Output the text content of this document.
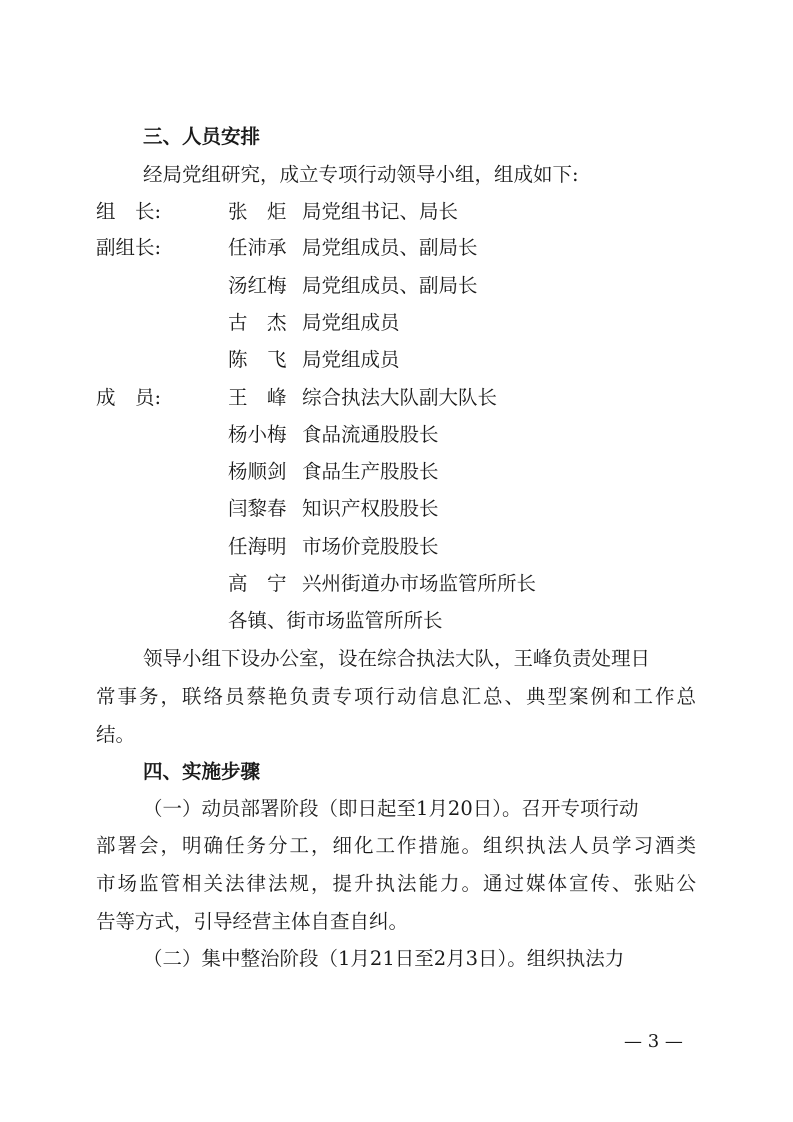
三、人员安排
经局党组研究，成立专项行动领导小组，组成如下:
组　长:	张　炬 局党组书记、局长
副组长:	任沛承 局党组成员、副局长
汤红梅 局党组成员、副局长
古　杰 局党组成员
陈　飞 局党组成员
成　员:	王　峰 综合执法大队副大队长
杨小梅 食品流通股股长
杨顺剑 食品生产股股长
闫黎春 知识产权股股长
任海明 市场价竞股股长
高　宁 兴州街道办市场监管所所长
各镇、街市场监管所所长
领导小组下设办公室，设在综合执法大队，王峰负责处理日
常事务，联络员蔡艳负责专项行动信息汇总、典型案例和工作总
结。
四、实施步骤
（一）动员部署阶段（即日起至1月20日）。召开专项行动
部署会，明确任务分工，细化工作措施。组织执法人员学习酒类
市场监管相关法律法规，提升执法能力。通过媒体宣传、张贴公
告等方式，引导经营主体自查自纠。
（二）集中整治阶段（1月21日至2月3日）。组织执法力
— 3 —
